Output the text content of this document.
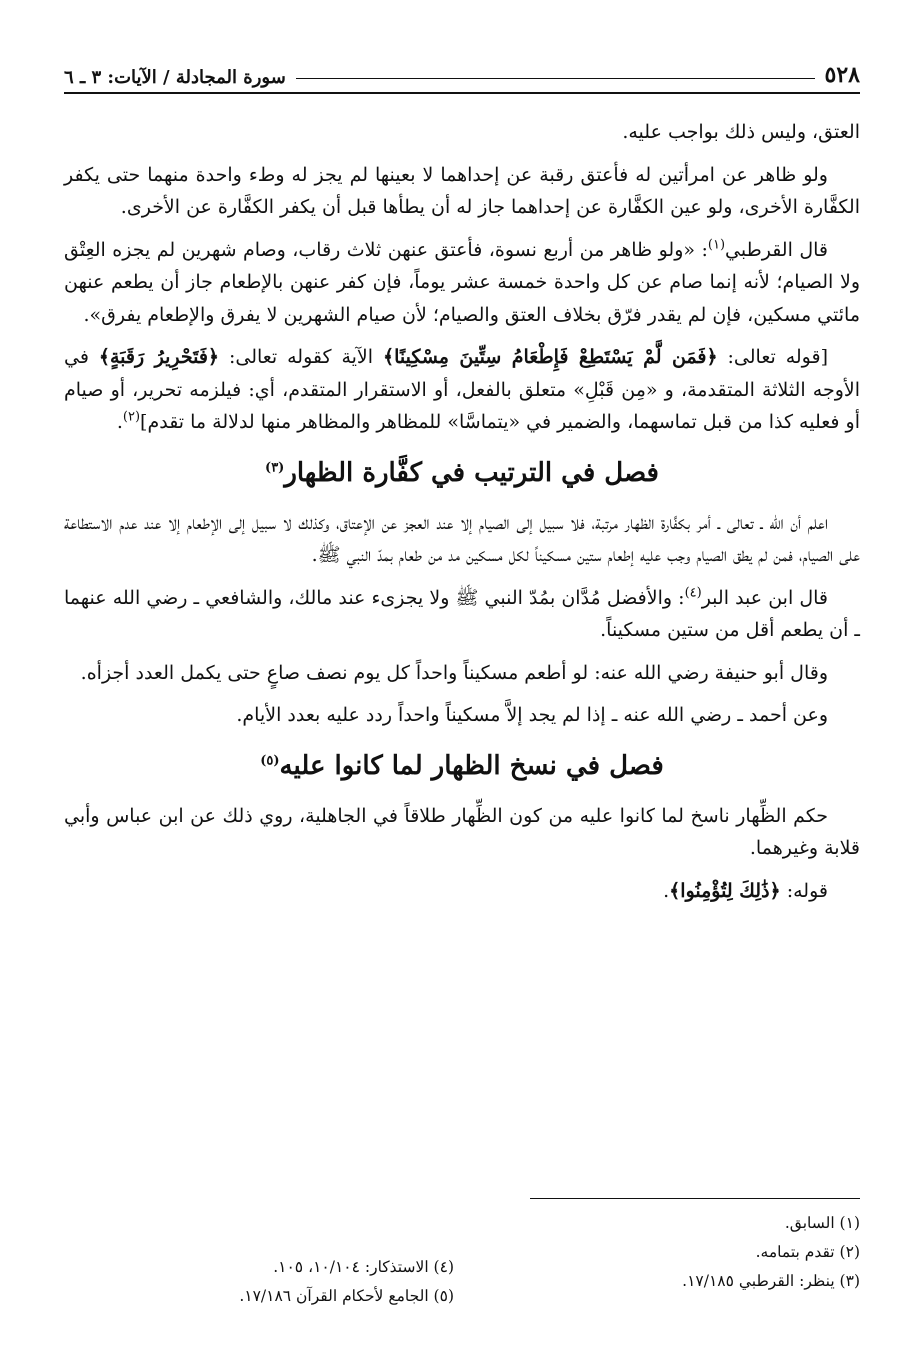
٥٢٨
سورة المجادلة / الآيات: ٣ ـ ٦

العتق، وليس ذلك بواجب عليه.

ولو ظاهر عن امرأتين له فأعتق رقبة عن إحداهما لا بعينها لم يجز له وطء واحدة منهما حتى يكفر الكفَّارة الأخرى، ولو عين الكفَّارة عن إحداهما جاز له أن يطأها قبل أن يكفر الكفَّارة عن الأخرى.

قال القرطبي$^{(١)}$: «ولو ظاهر من أربع نسوة، فأعتق عنهن ثلاث رقاب، وصام شهرين لم يجزه العِتْق ولا الصيام؛ لأنه إنما صام عن كل واحدة خمسة عشر يوماً، فإن كفر عنهن بالإطعام جاز أن يطعم عنهن مائتي مسكين، فإن لم يقدر فرّق بخلاف العتق والصيام؛ لأن صيام الشهرين لا يفرق والإطعام يفرق».

[قوله تعالى: ﴿فَمَن لَّمْ يَسْتَطِعْ فَإِطْعَامُ سِتِّينَ مِسْكِينًا﴾ الآية كقوله تعالى: ﴿فَتَحْرِيرُ رَقَبَةٍ﴾ في الأوجه الثلاثة المتقدمة، و «مِن قَبْلِ» متعلق بالفعل، أو الاستقرار المتقدم، أي: فيلزمه تحرير، أو صيام أو فعليه كذا من قبل تماسهما، والضمير في «يتماسَّا» للمظاهر والمظاهر منها لدلالة ما تقدم]$^{(٢)}$.

فصل في الترتيب في كفَّارة الظهار$^{(٣)}$

اعلم أن الله ـ تعالى ـ أمر بكفَّارة الظهار مرتبة، فلا سبيل إلى الصيام إلا عند العجز عن الإعتاق، وكذلك لا سبيل إلى الإطعام إلا عند عدم الاستطاعة على الصيام، فمن لم يطق الصيام وجب عليه إطعام ستين مسكيناً لكل مسكين مد من طعام بمدّ النبي ﷺ.

قال ابن عبد البر$^{(٤)}$: والأفضل مُدَّان بمُدّ النبي ﷺ ولا يجزىء عند مالك، والشافعي ـ رضي الله عنهما ـ أن يطعم أقل من ستين مسكيناً.

وقال أبو حنيفة رضي الله عنه: لو أطعم مسكيناً واحداً كل يوم نصف صاعٍ حتى يكمل العدد أجزأه.

وعن أحمد ـ رضي الله عنه ـ إذا لم يجد إلاَّ مسكيناً واحداً ردد عليه بعدد الأيام.

فصل في نسخ الظهار لما كانوا عليه$^{(٥)}$

حكم الظِّهار ناسخ لما كانوا عليه من كون الظِّهار طلاقاً في الجاهلية، روي ذلك عن ابن عباس وأبي قلابة وغيرهما.

قوله: ﴿ذَٰلِكَ لِتُؤْمِنُوا﴾.

(١) السابق.
(٢) تقدم بتمامه.
(٣) ينظر: القرطبي ١٧/١٨٥.
(٤) الاستذكار: ١٠/١٠٤، ١٠٥.
(٥) الجامع لأحكام القرآن ١٧/١٨٦.
